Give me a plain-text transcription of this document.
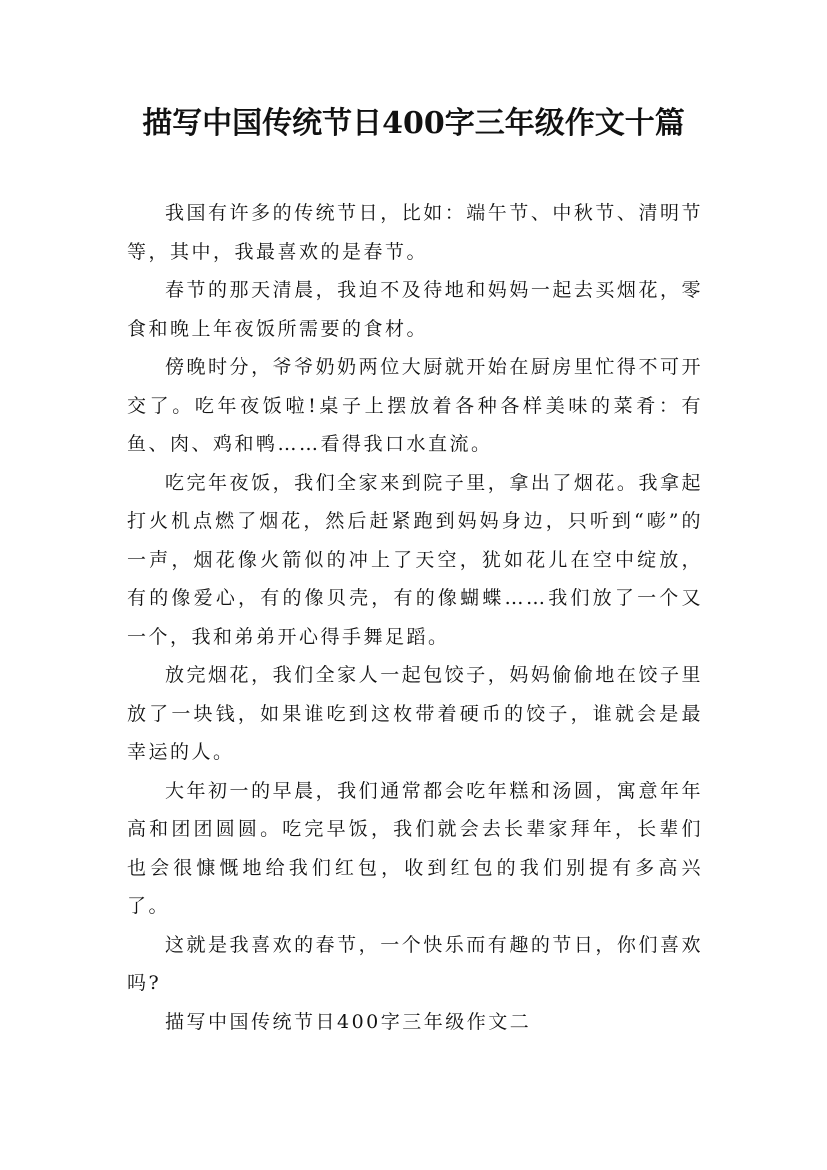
描写中国传统节日400字三年级作文十篇

我国有许多的传统节日，比如：端午节、中秋节、清明节等，其中，我最喜欢的是春节。

春节的那天清晨，我迫不及待地和妈妈一起去买烟花，零食和晚上年夜饭所需要的食材。

傍晚时分，爷爷奶奶两位大厨就开始在厨房里忙得不可开交了。吃年夜饭啦!桌子上摆放着各种各样美味的菜肴：有鱼、肉、鸡和鸭……看得我口水直流。

吃完年夜饭，我们全家来到院子里，拿出了烟花。我拿起打火机点燃了烟花，然后赶紧跑到妈妈身边，只听到“嘭”的一声，烟花像火箭似的冲上了天空，犹如花儿在空中绽放，有的像爱心，有的像贝壳，有的像蝴蝶……我们放了一个又一个，我和弟弟开心得手舞足蹈。

放完烟花，我们全家人一起包饺子，妈妈偷偷地在饺子里放了一块钱，如果谁吃到这枚带着硬币的饺子，谁就会是最幸运的人。

大年初一的早晨，我们通常都会吃年糕和汤圆，寓意年年高和团团圆圆。吃完早饭，我们就会去长辈家拜年，长辈们也会很慷慨地给我们红包，收到红包的我们别提有多高兴了。

这就是我喜欢的春节，一个快乐而有趣的节日，你们喜欢吗?

描写中国传统节日400字三年级作文二
